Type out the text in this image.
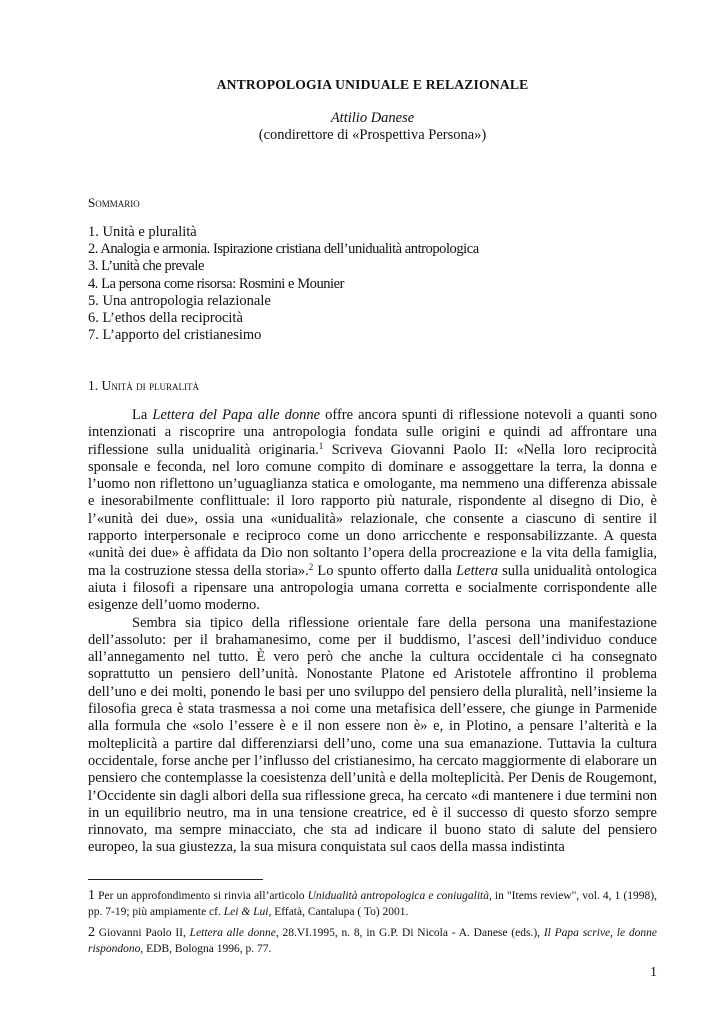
ANTROPOLOGIA UNIDUALE E RELAZIONALE
Attilio Danese
(condirettore di «Prospettiva Persona»)
Sommario
1. Unità e pluralità
2. Analogia e armonia. Ispirazione cristiana dell’unidualità antropologica
3. L’unità che prevale
4. La persona come risorsa: Rosmini e Mounier
5. Una antropologia relazionale
6. L’ethos della reciprocità
7. L’apporto del cristianesimo
1. Unità di pluralità

La Lettera del Papa alle donne offre ancora spunti di riflessione notevoli a quanti sono intenzionati a riscoprire una antropologia fondata sulle origini e quindi ad affrontare una riflessione sulla unidualità originaria.$^1$ Scriveva Giovanni Paolo II: «Nella loro reciprocità sponsale e feconda, nel loro comune compito di dominare e assoggettare la terra, la donna e l’uomo non riflettono un’uguaglianza statica e omologante, ma nemmeno una differenza abissale e inesorabilmente conflittuale: il loro rapporto più naturale, rispondente al disegno di Dio, è l’«unità dei due», ossia una «unidualità» relazionale, che consente a ciascuno di sentire il rapporto interpersonale e reciproco come un dono arricchente e responsabilizzante. A questa «unità dei due» è affidata da Dio non soltanto l’opera della procreazione e la vita della famiglia, ma la costruzione stessa della storia».$^2$ Lo spunto offerto dalla Lettera sulla unidualità ontologica aiuta i filosofi a ripensare una antropologia umana corretta e socialmente corrispondente alle esigenze dell’uomo moderno.

Sembra sia tipico della riflessione orientale fare della persona una manifestazione dell’assoluto: per il brahamanesimo, come per il buddismo, l’ascesi dell’individuo conduce all’annegamento nel tutto. È vero però che anche la cultura occidentale ci ha consegnato soprattutto un pensiero dell’unità. Nonostante Platone ed Aristotele affrontino il problema dell’uno e dei molti, ponendo le basi per uno sviluppo del pensiero della pluralità, nell’insieme la filosofia greca è stata trasmessa a noi come una metafisica dell’essere, che giunge in Parmenide alla formula che «solo l’essere è e il non essere non è» e, in Plotino, a pensare l’alterità e la molteplicità a partire dal differenziarsi dell’uno, come una sua emanazione. Tuttavia la cultura occidentale, forse anche per l’influsso del cristianesimo, ha cercato maggiormente di elaborare un pensiero che contemplasse la coesistenza dell’unità e della molteplicità. Per Denis de Rougemont, l’Occidente sin dagli albori della sua riflessione greca, ha cercato «di mantenere i due termini non in un equilibrio neutro, ma in una tensione creatrice, ed è il successo di questo sforzo sempre rinnovato, ma sempre minacciato, che sta ad indicare il buono stato di salute del pensiero europeo, la sua giustezza, la sua misura conquistata sul caos della massa indistinta

1 Per un approfondimento si rinvia all’articolo Unidualità antropologica e coniugalità, in "Items review", vol. 4, 1 (1998), pp. 7-19; più ampiamente cf. Lei & Lui, Effatà, Cantalupa ( To) 2001.
2 Giovanni Paolo II, Lettera alle donne, 28.VI.1995, n. 8, in G.P. Di Nicola - A. Danese (eds.), Il Papa scrive, le donne rispondono, EDB, Bologna 1996, p. 77.
1
